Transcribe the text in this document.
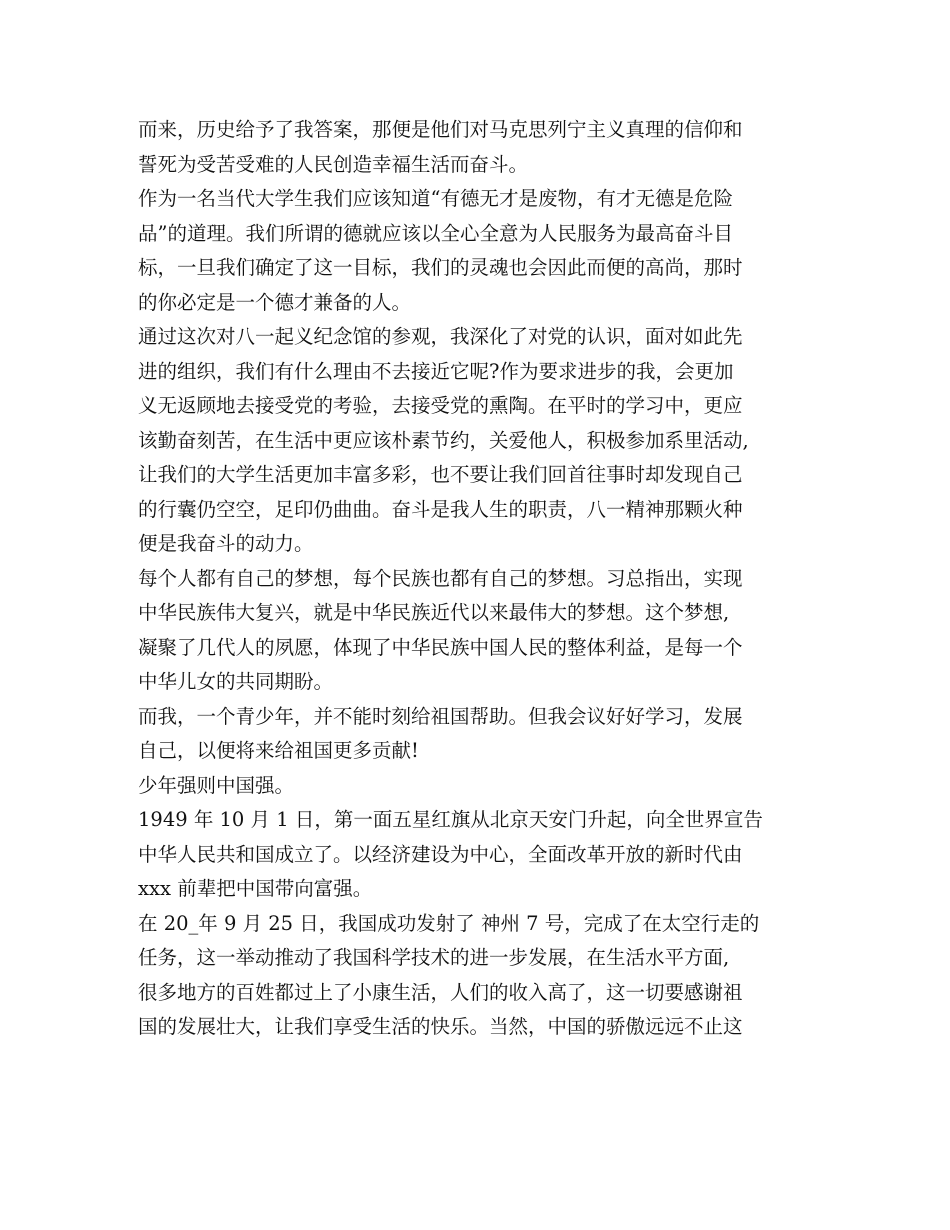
而来，历史给予了我答案，那便是他们对马克思列宁主义真理的信仰和
誓死为受苦受难的人民创造幸福生活而奋斗。
作为一名当代大学生我们应该知道“有德无才是废物，有才无德是危险
品”的道理。我们所谓的德就应该以全心全意为人民服务为最高奋斗目
标，一旦我们确定了这一目标，我们的灵魂也会因此而便的高尚，那时
的你必定是一个德才兼备的人。
通过这次对八一起义纪念馆的参观，我深化了对党的认识，面对如此先
进的组织，我们有什么理由不去接近它呢?作为要求进步的我，会更加
义无返顾地去接受党的考验，去接受党的熏陶。在平时的学习中，更应
该勤奋刻苦，在生活中更应该朴素节约，关爱他人，积极参加系里活动,
让我们的大学生活更加丰富多彩，也不要让我们回首往事时却发现自己
的行囊仍空空，足印仍曲曲。奋斗是我人生的职责，八一精神那颗火种
便是我奋斗的动力。
每个人都有自己的梦想，每个民族也都有自己的梦想。习总指出，实现
中华民族伟大复兴，就是中华民族近代以来最伟大的梦想。这个梦想,
凝聚了几代人的夙愿，体现了中华民族中国人民的整体利益，是每一个
中华儿女的共同期盼。
而我，一个青少年，并不能时刻给祖国帮助。但我会议好好学习，发展
自己，以便将来给祖国更多贡献!
少年强则中国强。
1949 年 10 月 1 日，第一面五星红旗从北京天安门升起，向全世界宣告
中华人民共和国成立了。以经济建设为中心，全面改革开放的新时代由
xxx 前辈把中国带向富强。
在 20_年 9 月 25 日，我国成功发射了 神州 7 号，完成了在太空行走的
任务，这一举动推动了我国科学技术的进一步发展，在生活水平方面,
很多地方的百姓都过上了小康生活，人们的收入高了，这一切要感谢祖
国的发展壮大，让我们享受生活的快乐。当然，中国的骄傲远远不止这
